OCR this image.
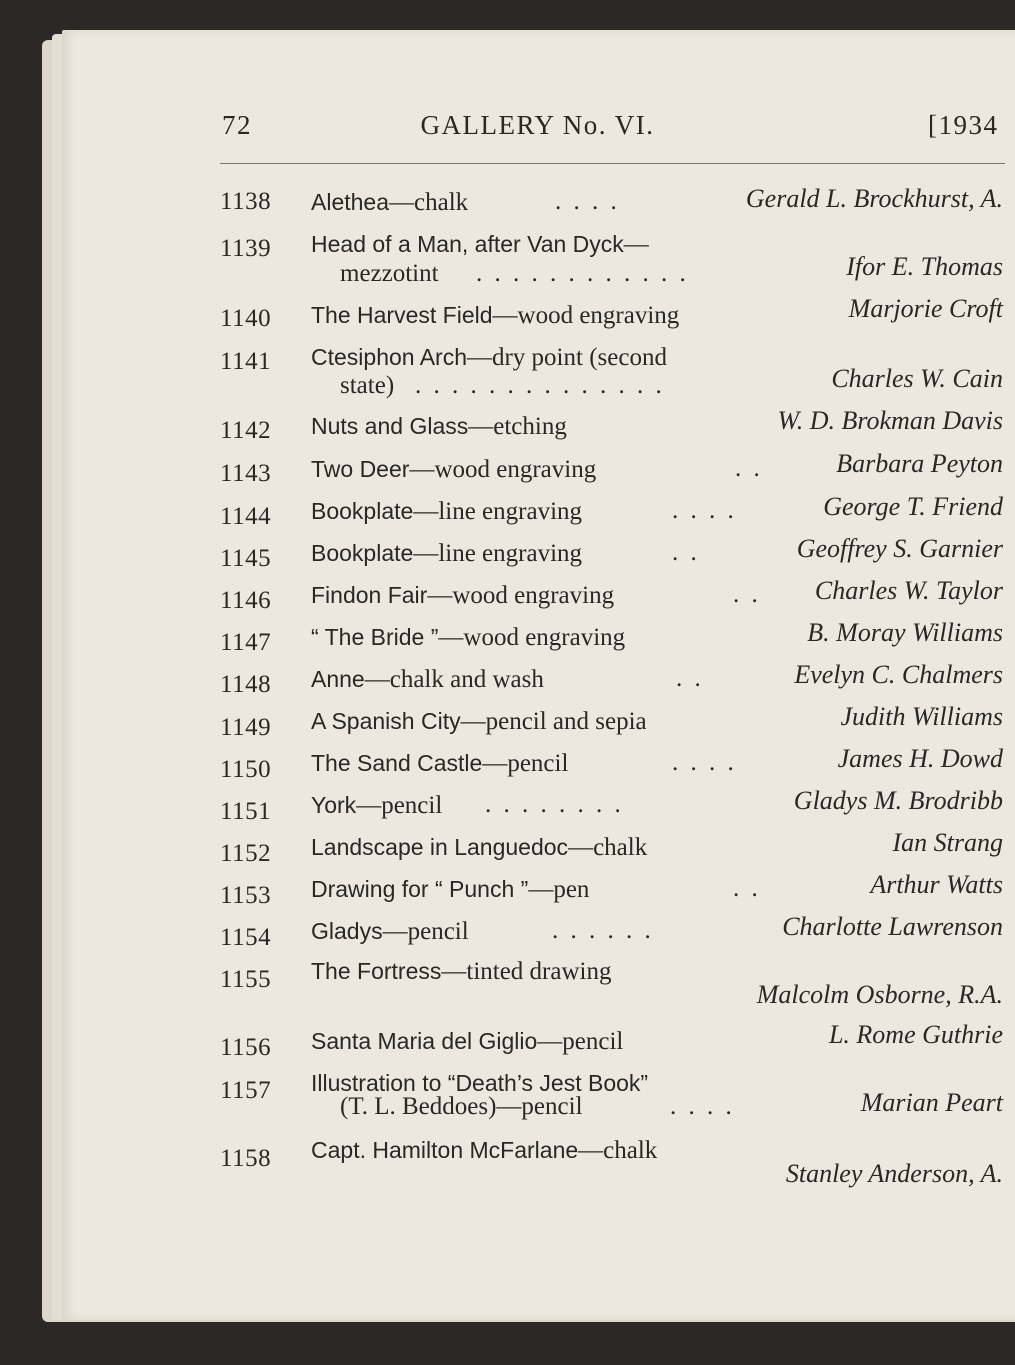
72	GALLERY No. VI.	[1934
1138	Alethea—chalk	. . . .	Gerald L. Brockhurst, A.
1139	Head of a Man, after Van Dyck—
mezzotint . . . . . . . . . . . .	Ifor E. Thomas
1140	The Harvest Field—wood engraving	Marjorie Croft
1141	Ctesiphon Arch—dry point (second
state) . . . . . . . . . . . . . .	Charles W. Cain
1142	Nuts and Glass—etching	W. D. Brokman Davis
1143	Two Deer—wood engraving	. .	Barbara Peyton
1144	Bookplate—line engraving	. . . .	George T. Friend
1145	Bookplate—line engraving	. .	Geoffrey S. Garnier
1146	Findon Fair—wood engraving	. . Charles W. Taylor
1147	“ The Bride ”—wood engraving	B. Moray Williams
1148	Anne—chalk and wash	. .	Evelyn C. Chalmers
1149	A Spanish City—pencil and sepia	Judith Williams
1150	The Sand Castle—pencil	. . . .	James H. Dowd
1151	York—pencil . . . . . . . .	Gladys M. Brodribb
1152	Landscape in Languedoc—chalk	Ian Strang
1153	Drawing for “ Punch ”—pen	. .	Arthur Watts
1154	Gladys—pencil	. . . . . .	Charlotte Lawrenson
1155	The Fortress—tinted drawing
Malcolm Osborne, R.A.
1156	Santa Maria del Giglio—pencil	L. Rome Guthrie
1157	Illustration to “Death’s Jest Book”
(T. L. Beddoes)—pencil	. . . .	Marian Peart
1158	Capt. Hamilton McFarlane—chalk
Stanley Anderson, A.
